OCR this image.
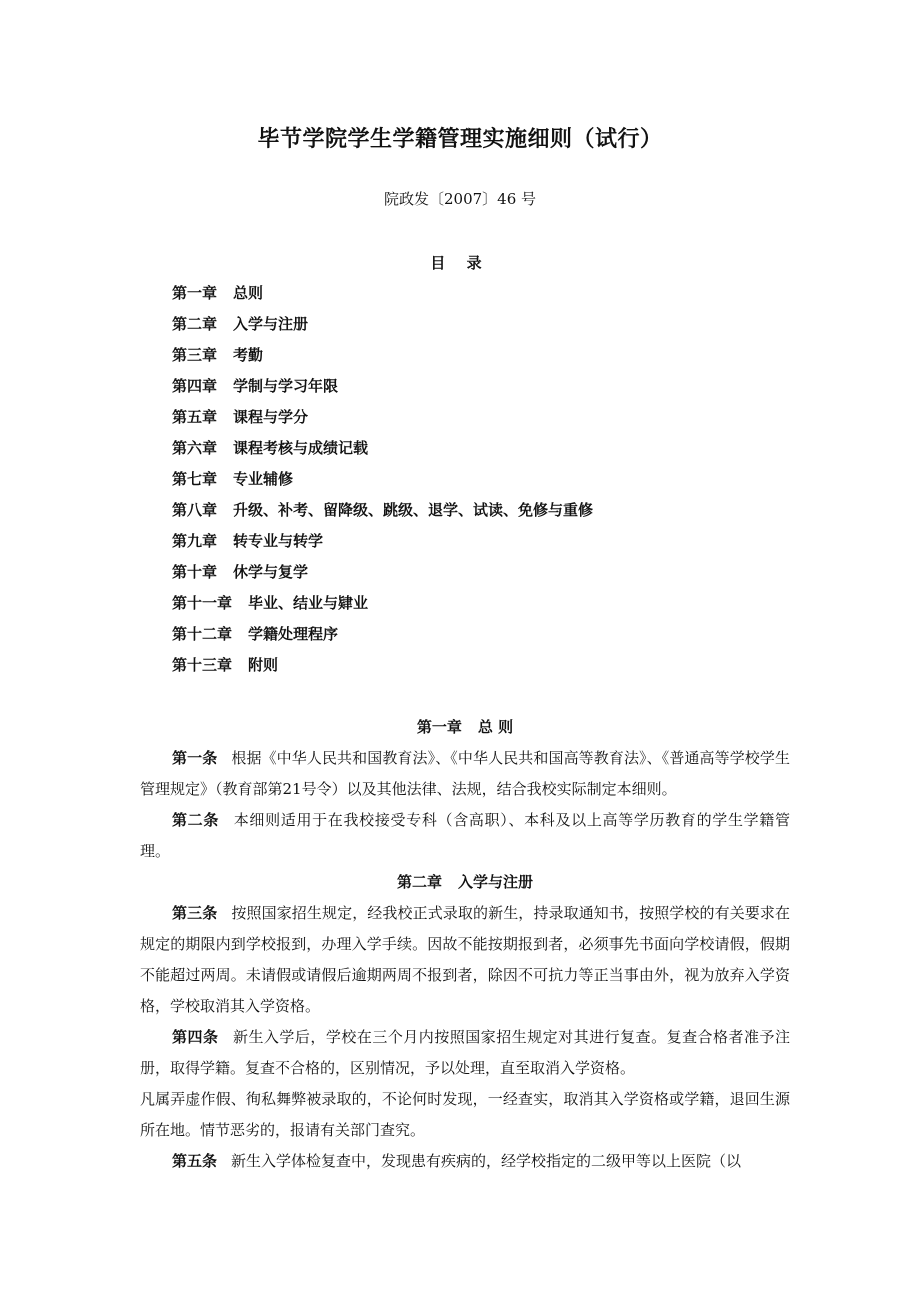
毕节学院学生学籍管理实施细则（试行）
院政发〔2007〕46 号
目 录
第一章 总则
第二章 入学与注册
第三章 考勤
第四章 学制与学习年限
第五章 课程与学分
第六章 课程考核与成绩记载
第七章 专业辅修
第八章 升级、补考、留降级、跳级、退学、试读、免修与重修
第九章 转专业与转学
第十章 休学与复学
第十一章 毕业、结业与肄业
第十二章 学籍处理程序
第十三章 附则
第一章 总 则

第一条 根据《中华人民共和国教育法》、《中华人民共和国高等教育法》、《普通高等学校学生管理规定》（教育部第21号令）以及其他法律、法规，结合我校实际制定本细则。

第二条 本细则适用于在我校接受专科（含高职）、本科及以上高等学历教育的学生学籍管理。

第二章 入学与注册

第三条 按照国家招生规定，经我校正式录取的新生，持录取通知书，按照学校的有关要求在规定的期限内到学校报到，办理入学手续。因故不能按期报到者，必须事先书面向学校请假，假期不能超过两周。未请假或请假后逾期两周不报到者，除因不可抗力等正当事由外，视为放弃入学资格，学校取消其入学资格。

第四条 新生入学后，学校在三个月内按照国家招生规定对其进行复查。复查合格者准予注册，取得学籍。复查不合格的，区别情况，予以处理，直至取消入学资格。

凡属弄虚作假、徇私舞弊被录取的，不论何时发现，一经查实，取消其入学资格或学籍，退回生源所在地。情节恶劣的，报请有关部门查究。

第五条 新生入学体检复查中，发现患有疾病的，经学校指定的二级甲等以上医院（以
